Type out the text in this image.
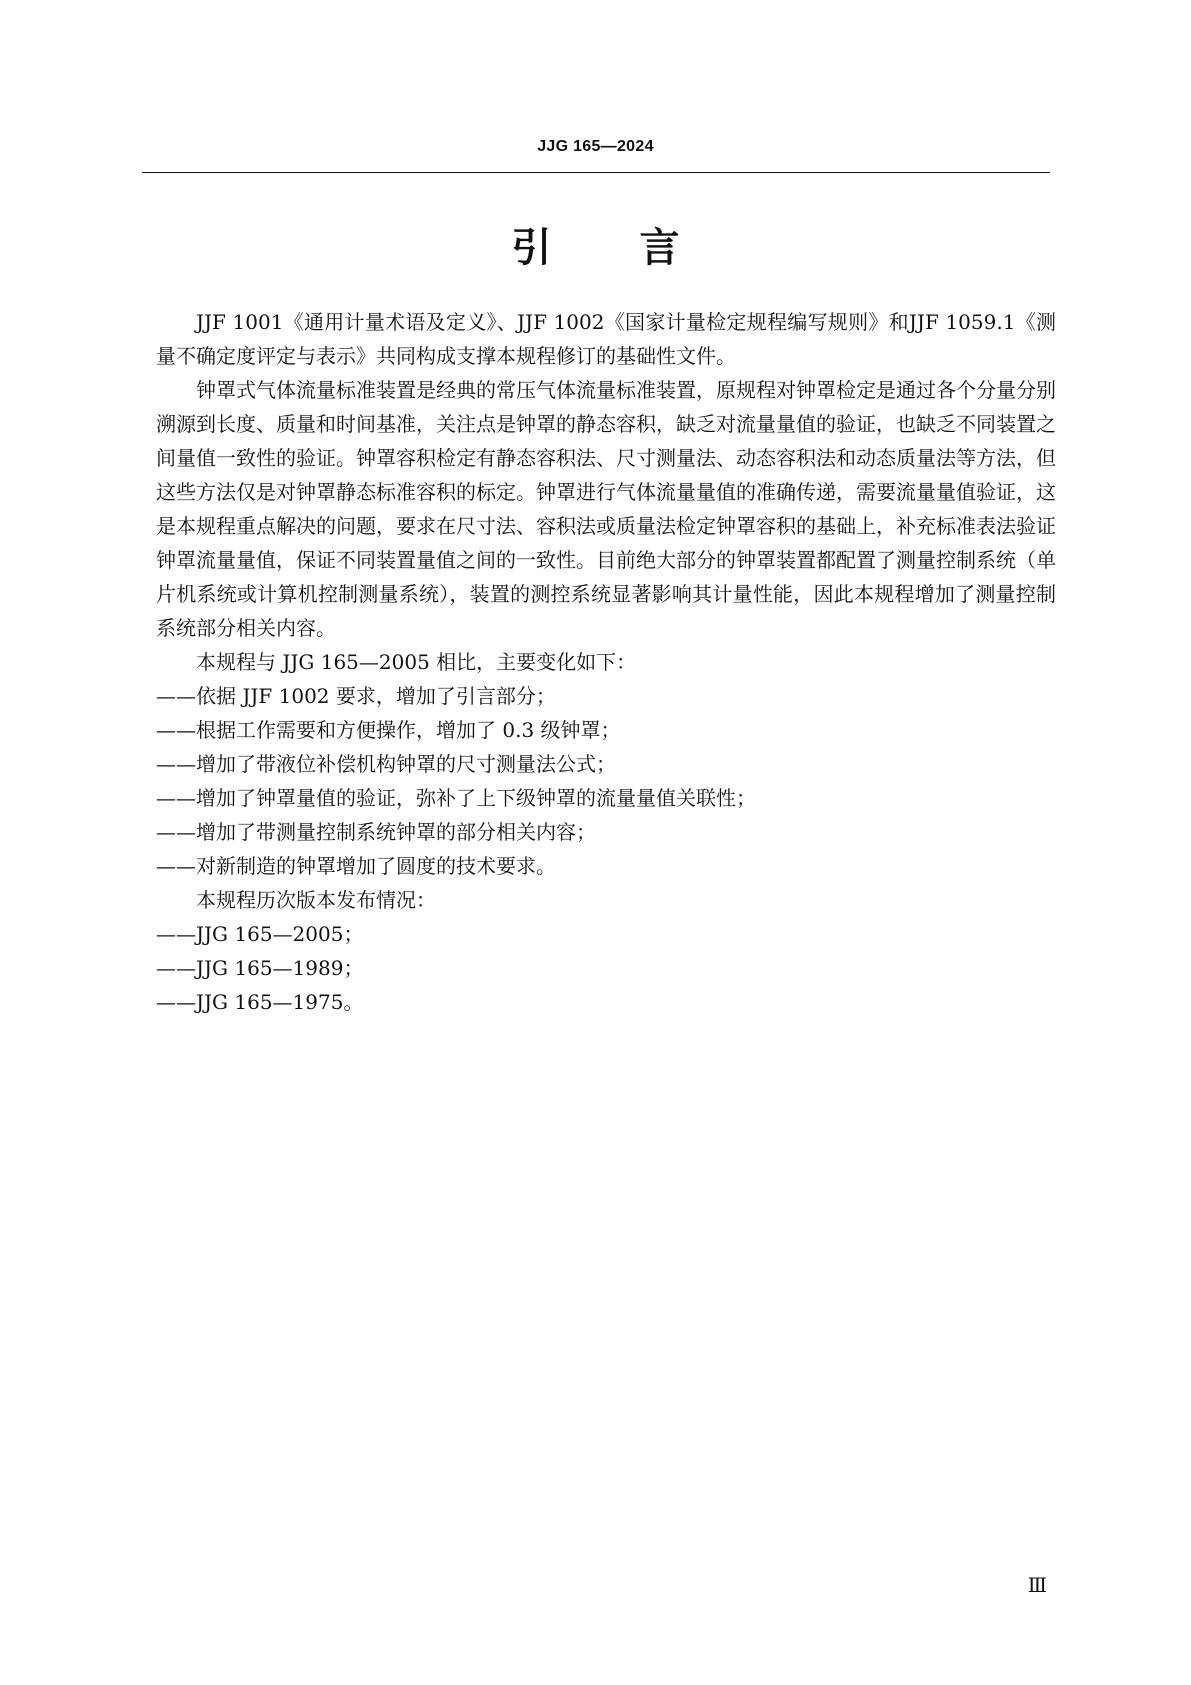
JJG 165—2024
引 言

JJF 1001《通用计量术语及定义》、JJF 1002《国家计量检定规程编写规则》和JJF 1059.1《测量不确定度评定与表示》共同构成支撑本规程修订的基础性文件。

钟罩式气体流量标准装置是经典的常压气体流量标准装置，原规程对钟罩检定是通过各个分量分别溯源到长度、质量和时间基准，关注点是钟罩的静态容积，缺乏对流量量值的验证，也缺乏不同装置之间量值一致性的验证。钟罩容积检定有静态容积法、尺寸测量法、动态容积法和动态质量法等方法，但这些方法仅是对钟罩静态标准容积的标定。钟罩进行气体流量量值的准确传递，需要流量量值验证，这是本规程重点解决的问题，要求在尺寸法、容积法或质量法检定钟罩容积的基础上，补充标准表法验证钟罩流量量值，保证不同装置量值之间的一致性。目前绝大部分的钟罩装置都配置了测量控制系统（单片机系统或计算机控制测量系统），装置的测控系统显著影响其计量性能，因此本规程增加了测量控制系统部分相关内容。

本规程与 JJG 165—2005 相比，主要变化如下：

——依据 JJF 1002 要求，增加了引言部分；

——根据工作需要和方便操作，增加了 0.3 级钟罩；

——增加了带液位补偿机构钟罩的尺寸测量法公式；

——增加了钟罩量值的验证，弥补了上下级钟罩的流量量值关联性；

——增加了带测量控制系统钟罩的部分相关内容；

——对新制造的钟罩增加了圆度的技术要求。

本规程历次版本发布情况：

——JJG 165—2005；

——JJG 165—1989；

——JJG 165—1975。

Ⅲ
